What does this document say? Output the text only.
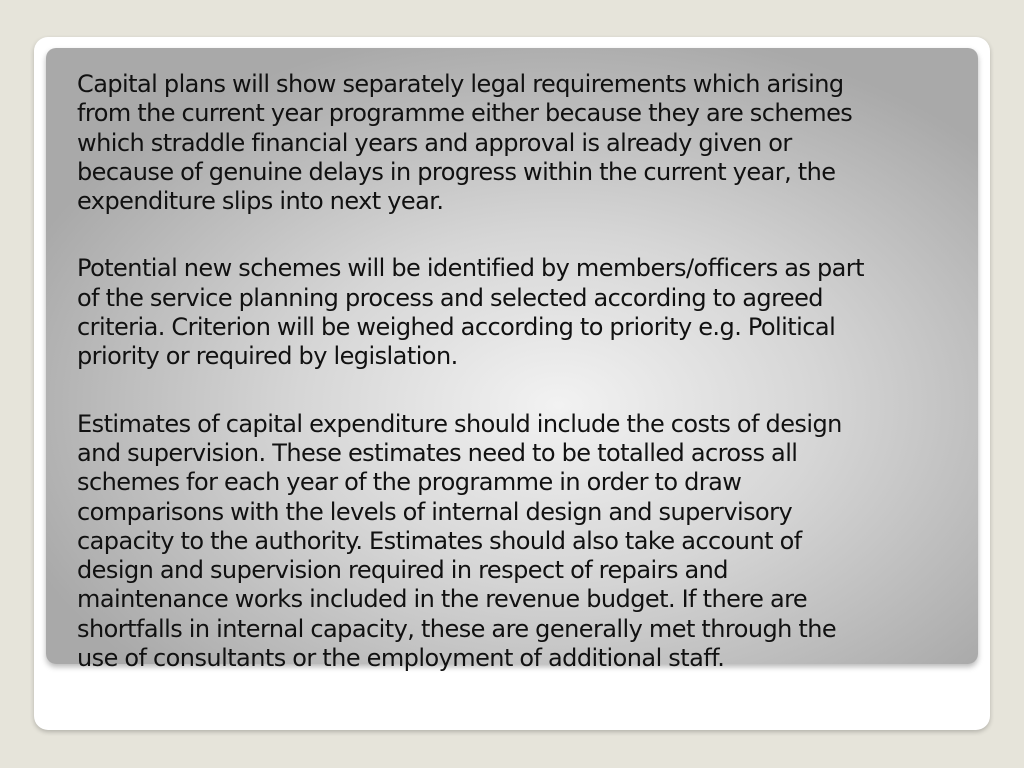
Capital plans will show separately legal requirements which arising
from the current year programme either because they are schemes
which straddle financial years and approval is already given or
because of genuine delays in progress within the current year, the
expenditure slips into next year.

Potential new schemes will be identified by members/officers as part
of the service planning process and selected according to agreed
criteria. Criterion will be weighed according to priority e.g. Political
priority or required by legislation.

Estimates of capital expenditure should include the costs of design
and supervision. These estimates need to be totalled across all
schemes for each year of the programme in order to draw
comparisons with the levels of internal design and supervisory
capacity to the authority. Estimates should also take account of
design and supervision required in respect of repairs and
maintenance works included in the revenue budget. If there are
shortfalls in internal capacity, these are generally met through the
use of consultants or the employment of additional staff.
